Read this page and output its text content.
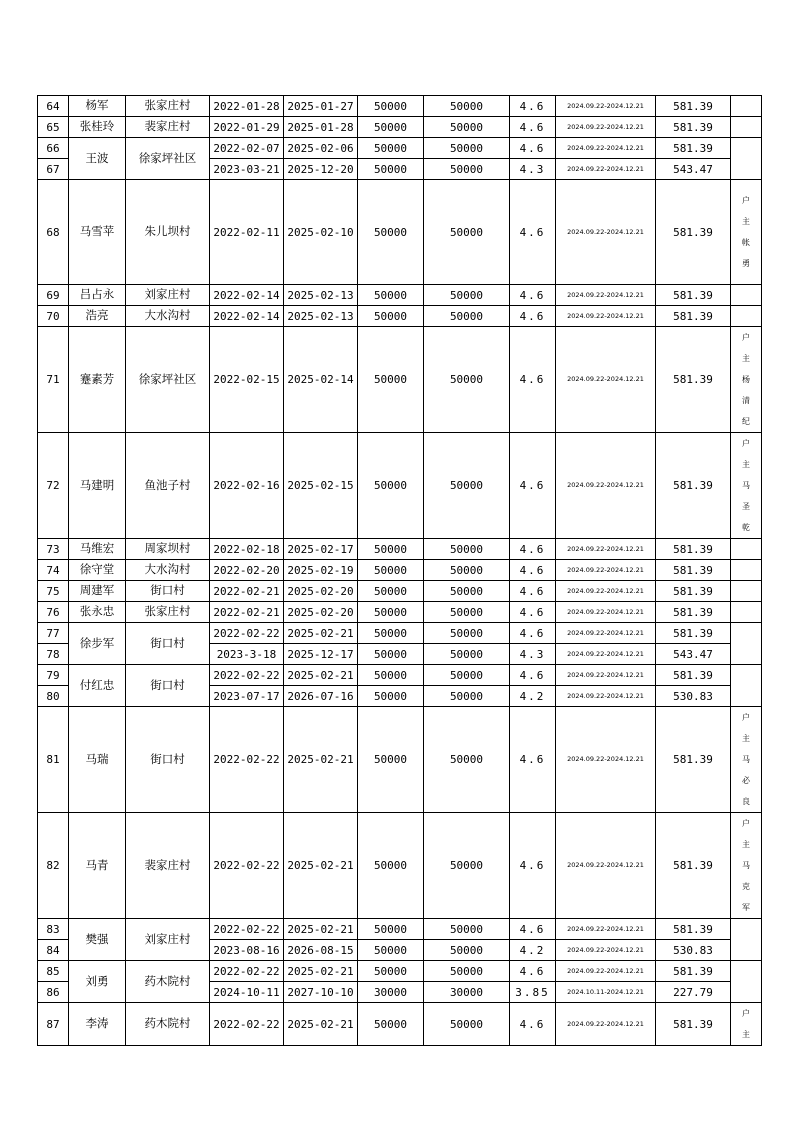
64	杨军	张家庄村	2022-01-28	2025-01-27	50000	50000	4.6	2024.09.22-2024.12.21	581.39	
65	张桂玲	裴家庄村	2022-01-29	2025-01-28	50000	50000	4.6	2024.09.22-2024.12.21	581.39	
66	王波	徐家坪社区	2022-02-07	2025-02-06	50000	50000	4.6	2024.09.22-2024.12.21	581.39	
67			2023-03-21	2025-12-20	50000	50000	4.3	2024.09.22-2024.12.21	543.47	
68	马雪苹	朱儿坝村	2022-02-11	2025-02-10	50000	50000	4.6	2024.09.22-2024.12.21	581.39	户
主
帐
勇

69	吕占永	刘家庄村	2022-02-14	2025-02-13	50000	50000	4.6	2024.09.22-2024.12.21	581.39	
70	浩亮	大水沟村	2022-02-14	2025-02-13	50000	50000	4.6	2024.09.22-2024.12.21	581.39	
71	蹇素芳	徐家坪社区	2022-02-15	2025-02-14	50000	50000	4.6	2024.09.22-2024.12.21	581.39	户
主
杨
清
纪

72	马建明	鱼池子村	2022-02-16	2025-02-15	50000	50000	4.6	2024.09.22-2024.12.21	581.39	户
主
马
圣
乾

73	马维宏	周家坝村	2022-02-18	2025-02-17	50000	50000	4.6	2024.09.22-2024.12.21	581.39	
74	徐守堂	大水沟村	2022-02-20	2025-02-19	50000	50000	4.6	2024.09.22-2024.12.21	581.39	
75	周建军	街口村	2022-02-21	2025-02-20	50000	50000	4.6	2024.09.22-2024.12.21	581.39	
76	张永忠	张家庄村	2022-02-21	2025-02-20	50000	50000	4.6	2024.09.22-2024.12.21	581.39	
77	徐步军	街口村	2022-02-22	2025-02-21	50000	50000	4.6	2024.09.22-2024.12.21	581.39	
78			2023-3-18	2025-12-17	50000	50000	4.3	2024.09.22-2024.12.21	543.47	
79	付红忠	街口村	2022-02-22	2025-02-21	50000	50000	4.6	2024.09.22-2024.12.21	581.39	
80			2023-07-17	2026-07-16	50000	50000	4.2	2024.09.22-2024.12.21	530.83	
81	马瑞	街口村	2022-02-22	2025-02-21	50000	50000	4.6	2024.09.22-2024.12.21	581.39	户
主
马
必
良

82	马青	裴家庄村	2022-02-22	2025-02-21	50000	50000	4.6	2024.09.22-2024.12.21	581.39	户
主
马
克
军

83	樊强	刘家庄村	2022-02-22	2025-02-21	50000	50000	4.6	2024.09.22-2024.12.21	581.39	
84			2023-08-16	2026-08-15	50000	50000	4.2	2024.09.22-2024.12.21	530.83	
85	刘勇	药木院村	2022-02-22	2025-02-21	50000	50000	4.6	2024.09.22-2024.12.21	581.39	
86			2024-10-11	2027-10-10	30000	30000	3.85	2024.10.11-2024.12.21	227.79	
87	李涛	药木院村	2022-02-22	2025-02-21	50000	50000	4.6	2024.09.22-2024.12.21	581.39	户
主
